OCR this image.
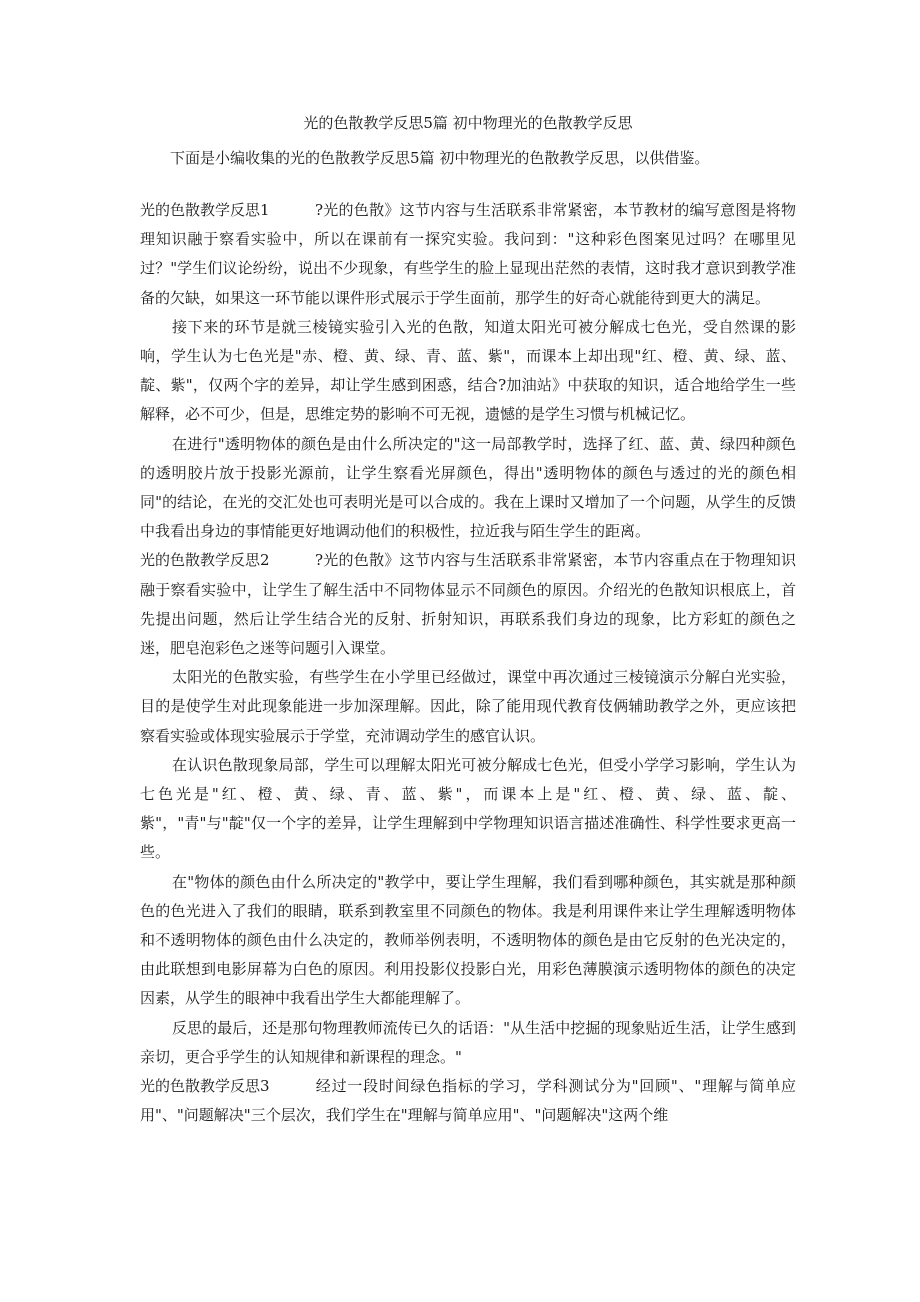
光的色散教学反思5篇 初中物理光的色散教学反思

下面是小编收集的光的色散教学反思5篇 初中物理光的色散教学反思，以供借鉴。

光的色散教学反思1	?光的色散》这节内容与生活联系非常紧密，本节教材的编写意图是将物理知识融于察看实验中，所以在课前有一探究实验。我问到："这种彩色图案见过吗？在哪里见过？"学生们议论纷纷，说出不少现象，有些学生的脸上显现出茫然的表情，这时我才意识到教学准备的欠缺，如果这一环节能以课件形式展示于学生面前，那学生的好奇心就能待到更大的满足。

接下来的环节是就三棱镜实验引入光的色散，知道太阳光可被分解成七色光，受自然课的影响，学生认为七色光是"赤、橙、黄、绿、青、蓝、紫"，而课本上却出现"红、橙、黄、绿、蓝、靛、紫"，仅两个字的差异，却让学生感到困惑，结合?加油站》中获取的知识，适合地给学生一些解释，必不可少，但是，思维定势的影响不可无视，遗憾的是学生习惯与机械记忆。

在进行"透明物体的颜色是由什么所决定的"这一局部教学时，选择了红、蓝、黄、绿四种颜色的透明胶片放于投影光源前，让学生察看光屏颜色，得出"透明物体的颜色与透过的光的颜色相同"的结论，在光的交汇处也可表明光是可以合成的。我在上课时又增加了一个问题，从学生的反馈中我看出身边的事情能更好地调动他们的积极性，拉近我与陌生学生的距离。

光的色散教学反思2	?光的色散》这节内容与生活联系非常紧密，本节内容重点在于物理知识融于察看实验中，让学生了解生活中不同物体显示不同颜色的原因。介绍光的色散知识根底上，首先提出问题，然后让学生结合光的反射、折射知识，再联系我们身边的现象，比方彩虹的颜色之迷，肥皂泡彩色之迷等问题引入课堂。

太阳光的色散实验，有些学生在小学里已经做过，课堂中再次通过三棱镜演示分解白光实验，目的是使学生对此现象能进一步加深理解。因此，除了能用现代教育伎俩辅助教学之外，更应该把察看实验或体现实验展示于学堂，充沛调动学生的感官认识。

在认识色散现象局部，学生可以理解太阳光可被分解成七色光，但受小学学习影响，学生认为七色光是"红、橙、黄、绿、青、蓝、紫"，而课本上是"红、橙、黄、绿、蓝、靛、紫"，"青"与"靛"仅一个字的差异，让学生理解到中学物理知识语言描述准确性、科学性要求更高一些。

在"物体的颜色由什么所决定的"教学中，要让学生理解，我们看到哪种颜色，其实就是那种颜色的色光进入了我们的眼睛，联系到教室里不同颜色的物体。我是利用课件来让学生理解透明物体和不透明物体的颜色由什么决定的，教师举例表明，不透明物体的颜色是由它反射的色光决定的，由此联想到电影屏幕为白色的原因。利用投影仪投影白光，用彩色薄膜演示透明物体的颜色的决定因素，从学生的眼神中我看出学生大都能理解了。

反思的最后，还是那句物理教师流传已久的话语："从生活中挖掘的现象贴近生活，让学生感到亲切，更合乎学生的认知规律和新课程的理念。"

光的色散教学反思3	经过一段时间绿色指标的学习，学科测试分为"回顾"、"理解与简单应用"、"问题解决"三个层次，我们学生在"理解与简单应用"、"问题解决"这两个维
